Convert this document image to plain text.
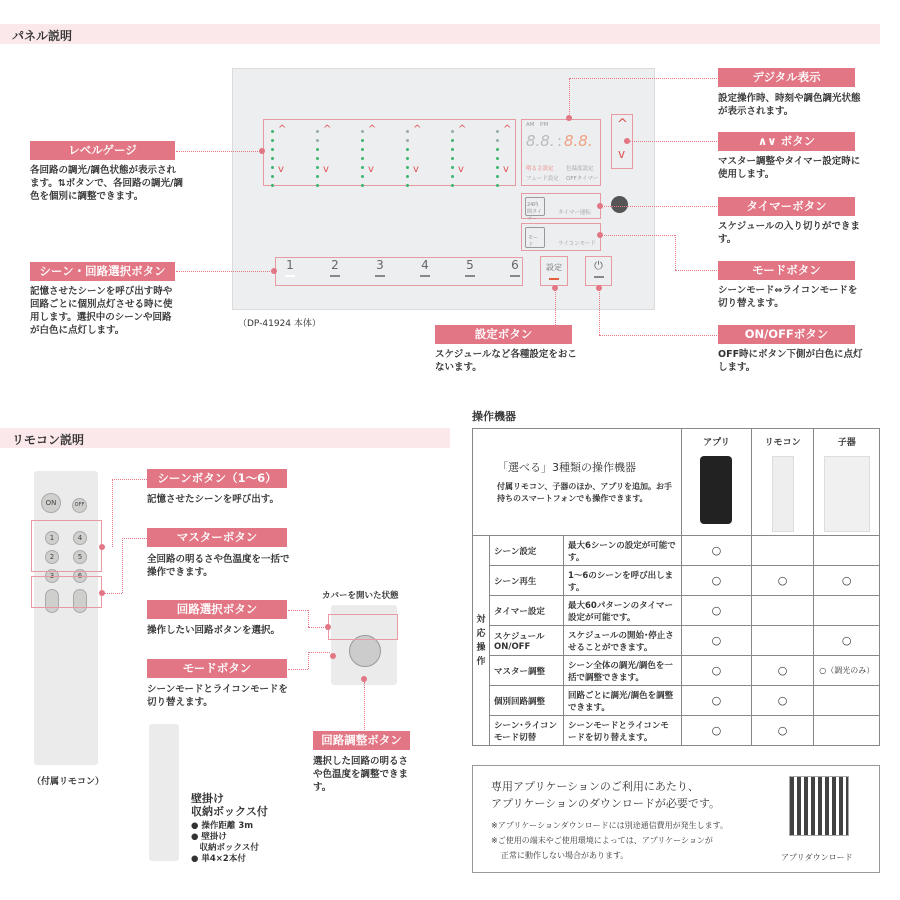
パネル説明
^
v
^
v
^
v
^
v
^
v
^
v
AM PM
8.8. : 8.8.
明るさ設定 色温度設定
フェード設定 OFFタイマー
^
v
24時間タイマー
タイマー運転
モード	ライコンモード
1	2	3	4	5	6	設定	⏻
（DP-41924 本体）
レベルゲージ
各回路の調光/調色状態が表示されます。⇅ボタンで、各回路の調光/調色を個別に調整できます。
シーン・回路選択ボタン
記憶させたシーンを呼び出す時や回路ごとに個別点灯させる時に使用します。選択中のシーンや回路が白色に点灯します。
デジタル表示
設定操作時、時刻や調色調光状態が表示されます。
∧∨ ボタン
マスター調整やタイマー設定時に使用します。
タイマーボタン
スケジュールの入り切りができます。
モードボタン
シーンモード⇔ライコンモードを切り替えます。
ON/OFFボタン
OFF時にボタン下側が白色に点灯します。
設定ボタン
スケジュールなど各種設定をおこないます。
リモコン説明
ON	OFF
1	4
2	5
3	6
（付属リモコン）
シーンボタン（1～6）
記憶させたシーンを呼び出す。
マスターボタン
全回路の明るさや色温度を一括で操作できます。
回路選択ボタン
操作したい回路ボタンを選択。
モードボタン
シーンモードとライコンモードを切り替えます。
カバーを開いた状態
回路調整ボタン
選択した回路の明るさや色温度を調整できます。
壁掛け
収納ボックス付
● 操作距離 3m
● 壁掛け
　収納ボックス付
● 単4×2本付
操作機器
「選べる」3種類の操作機器
付属リモコン、子器のほか、アプリを追加。お手持ちのスマートフォンでも操作できます。			アプリ	リモコン	子器

対応操作	シーン設定	最大6シーンの設定が可能です。	○		
	シーン再生	1～6のシーンを呼び出します。	○	○	○
	タイマー設定	最大60パターンのタイマー設定が可能です。	○		
	スケジュールON/OFF	スケジュールの開始･停止させることができます。	○		○
	マスター調整	シーン全体の調光/調色を一括で調整できます。	○	○	○（調光のみ）
	個別回路調整	回路ごとに調光/調色を調整できます。	○	○	
	シーン･ライコンモード切替	シーンモードとライコンモードを切り替えます。	○	○	
専用アプリケーションのご利用にあたり、
アプリケーションのダウンロードが必要です。
※アプリケーションダウンロードには別途通信費用が発生します。
※ご使用の端末やご使用環境によっては、アプリケーションが
正常に動作しない場合があります。	アプリダウンロード
